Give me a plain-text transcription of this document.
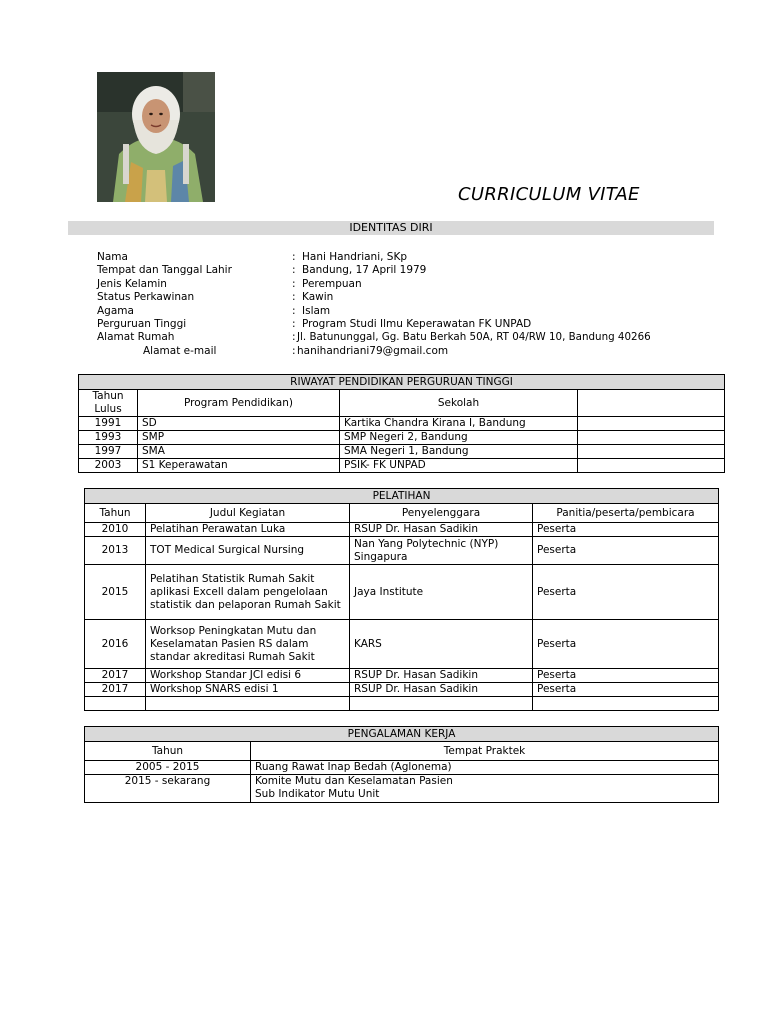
CURRICULUM VITAE
IDENTITAS DIRI
Nama	: Hani Handriani, SKp
Tempat dan Tanggal Lahir	: Bandung, 17 April 1979
Jenis Kelamin	: Perempuan
Status Perkawinan	: Kawin
Agama	: Islam
Perguruan Tinggi	: Program Studi Ilmu Keperawatan FK UNPAD
Alamat Rumah	: Jl. Batununggal, Gg. Batu Berkah 50A, RT 04/RW 10, Bandung 40266
Alamat e-mail	: hanihandriani79@gmail.com
RIWAYAT PENDIDIKAN PERGURUAN TINGGI			
Tahun Lulus	Program Pendidikan)	Sekolah	
1991	SD	Kartika Chandra Kirana I, Bandung	
1993	SMP	SMP Negeri 2, Bandung	
1997	SMA	SMA Negeri 1, Bandung	
2003	S1 Keperawatan	PSIK- FK UNPAD	
PELATIHAN			
Tahun	Judul Kegiatan	Penyelenggara	Panitia/peserta/pembicara
2010	Pelatihan Perawatan Luka	RSUP Dr. Hasan Sadikin	Peserta
2013	TOT Medical Surgical Nursing	Nan Yang Polytechnic (NYP) Singapura	Peserta
2015	Pelatihan Statistik Rumah Sakit aplikasi Excell dalam pengelolaan statistik dan pelaporan Rumah Sakit	Jaya Institute	Peserta
2016	Worksop Peningkatan Mutu dan Keselamatan Pasien RS dalam standar akreditasi Rumah Sakit	KARS	Peserta
2017	Workshop Standar JCI edisi 6	RSUP Dr. Hasan Sadikin	Peserta
2017	Workshop SNARS edisi 1	RSUP Dr. Hasan Sadikin	Peserta

PENGALAMAN KERJA	
Tahun	Tempat Praktek
2005 - 2015	Ruang Rawat Inap Bedah (Aglonema)
2015 - sekarang	Komite Mutu dan Keselamatan Pasien
Sub Indikator Mutu Unit
